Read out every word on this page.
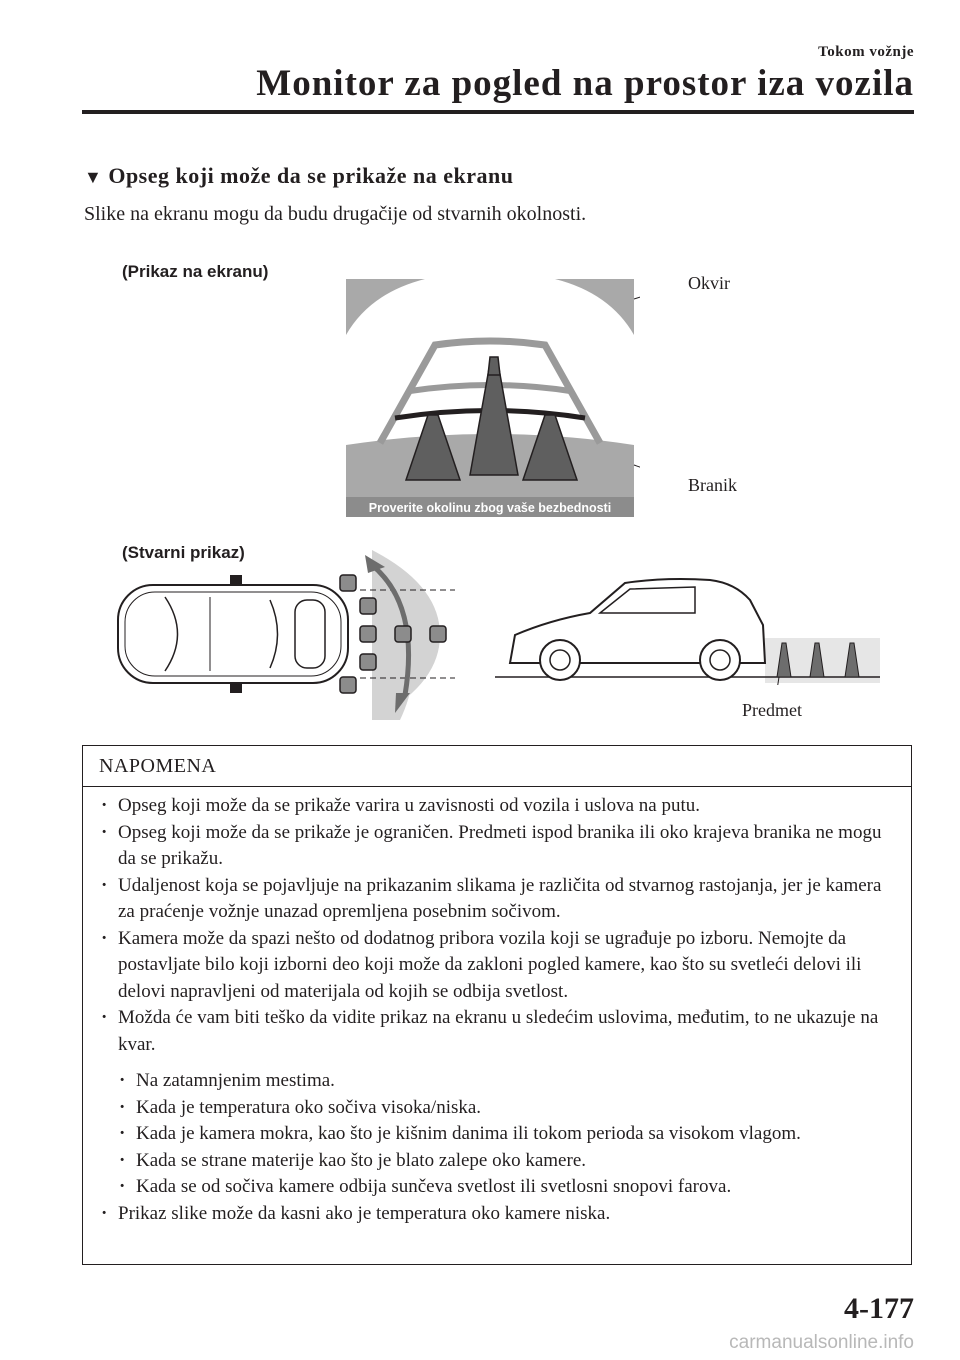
Tokom vožnje
Monitor za pogled na prostor iza vozila
▼ Opseg koji može da se prikaže na ekranu
Slike na ekranu mogu da budu drugačije od stvarnih okolnosti.
(Prikaz na ekranu)
Proverite okolinu zbog vaše bezbednosti
Okvir
Branik
(Stvarni prikaz)
Predmet
NAPOMENA
· Opseg koji može da se prikaže varira u zavisnosti od vozila i uslova na putu.
· Opseg koji može da se prikaže je ograničen. Predmeti ispod branika ili oko krajeva branika ne mogu da se prikažu.
· Udaljenost koja se pojavljuje na prikazanim slikama je različita od stvarnog rastojanja, jer je kamera za praćenje vožnje unazad opremljena posebnim sočivom.
· Kamera može da spazi nešto od dodatnog pribora vozila koji se ugrađuje po izboru. Nemojte da postavljate bilo koji izborni deo koji može da zakloni pogled kamere, kao što su svetleći delovi ili delovi napravljeni od materijala od kojih se odbija svetlost.
· Možda će vam biti teško da vidite prikaz na ekranu u sledećim uslovima, međutim, to ne ukazuje na kvar.
· Na zatamnjenim mestima.
· Kada je temperatura oko sočiva visoka/niska.
· Kada je kamera mokra, kao što je kišnim danima ili tokom perioda sa visokom vlagom.
· Kada se strane materije kao što je blato zalepe oko kamere.
· Kada se od sočiva kamere odbija sunčeva svetlost ili svetlosni snopovi farova.
· Prikaz slike može da kasni ako je temperatura oko kamere niska.
4-177
carmanualsonline.info
